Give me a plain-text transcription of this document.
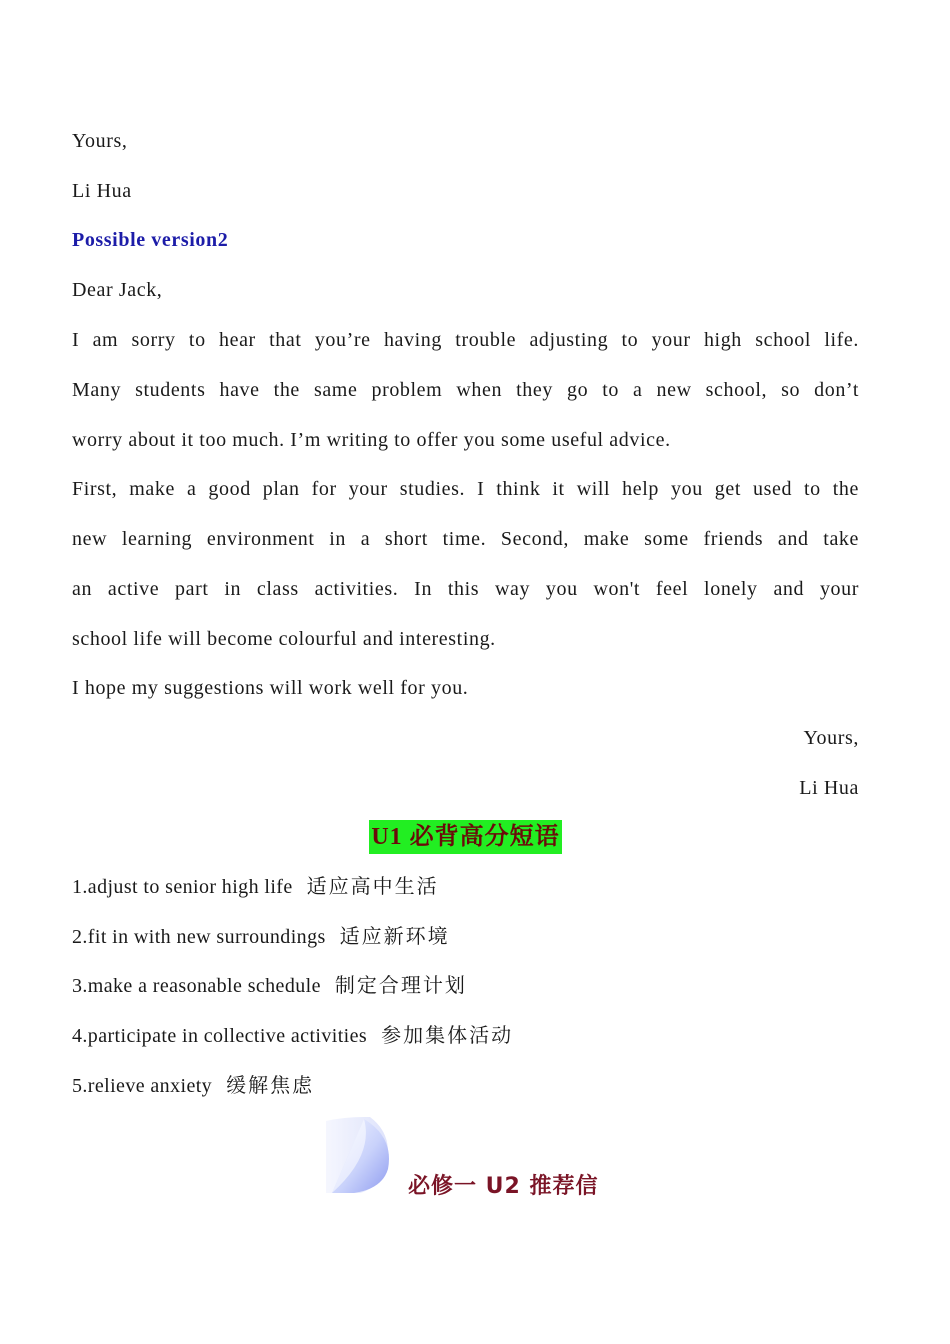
Yours,
Li Hua
Possible version2
Dear Jack,
I am sorry to hear that you’re having trouble adjusting to your high school life.
Many students have the same problem when they go to a new school, so don’t
worry about it too much. I’m writing to offer you some useful advice.
First, make a good plan for your studies. I think it will help you get used to the
new learning environment in a short time. Second, make some friends and take
an active part in class activities. In this way you won't feel lonely and your
school life will become colourful and interesting.
I hope my suggestions will work well for you.
Yours,
Li Hua
U1 必背高分短语
1.adjust to senior high life 适应高中生活
2.fit in with new surroundings 适应新环境
3.make a reasonable schedule 制定合理计划
4.participate in collective activities 参加集体活动
5.relieve anxiety 缓解焦虑
必修一 U2 推荐信
